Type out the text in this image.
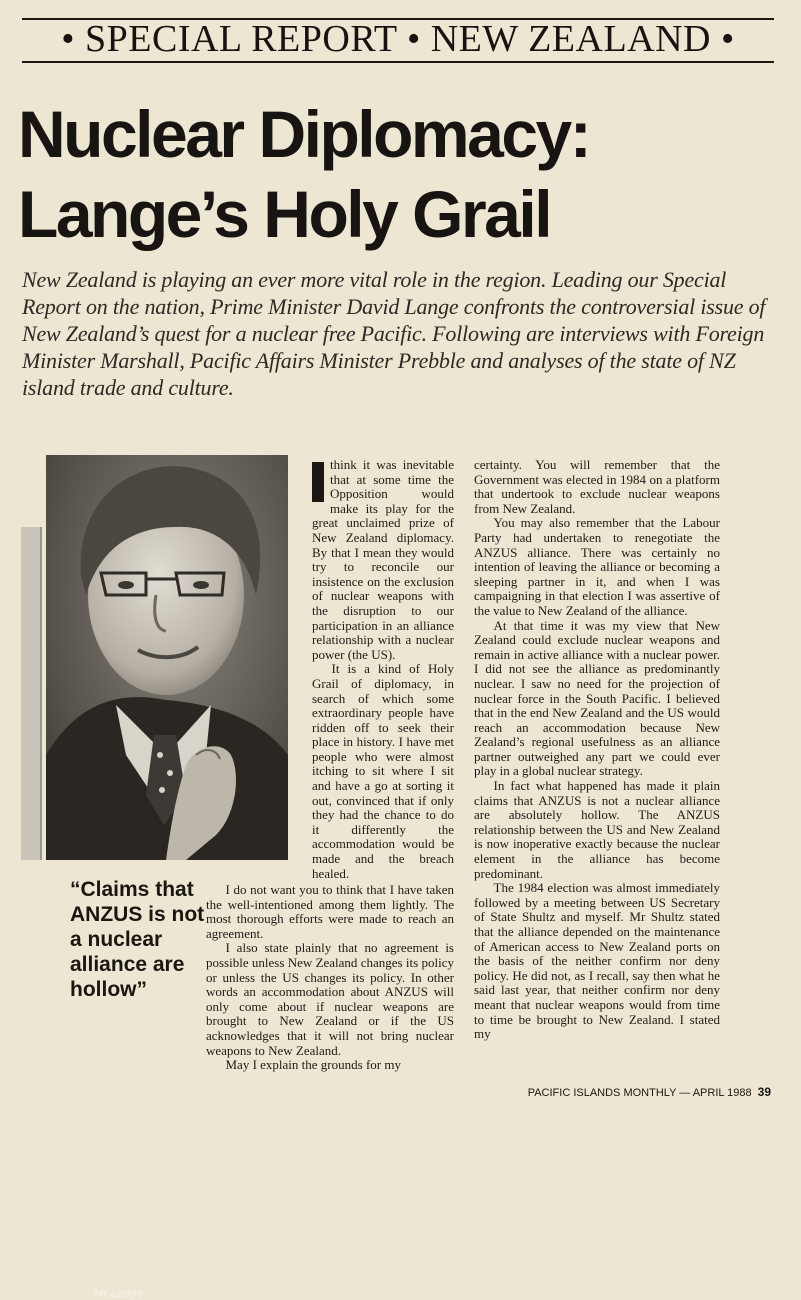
• SPECIAL REPORT • NEW ZEALAND •
Nuclear Diplomacy:
Lange’s Holy Grail

New Zealand is playing an ever more vital role in the region. Leading our Special Report on the nation, Prime Minister David Lange confronts the controversial issue of New Zealand’s quest for a nuclear free Pacific. Following are interviews with Foreign Minister Marshall, Pacific Affairs Minister Prebble and analyses of the state of NZ island trade and culture.

Mr Lange

“Claims that ANZUS is not a nuclear alliance are hollow”

think it was inevitable that at some time the Opposition would make its play for the great unclaimed prize of New Zealand diplomacy. By that I mean they would try to reconcile our insistence on the exclusion of nuclear weapons with the disruption to our participation in an alliance relationship with a nuclear power (the US).

It is a kind of Holy Grail of diplomacy, in search of which some extraordinary people have ridden off to seek their place in history. I have met people who were almost itching to sit where I sit and have a go at sorting it out, convinced that if only they had the chance to do it differently the accommodation would be made and the breach healed.

I do not want you to think that I have taken the well-intentioned among them lightly. The most thorough efforts were made to reach an agreement.

I also state plainly that no agreement is possible unless New Zealand changes its policy or unless the US changes its policy. In other words an accommodation about ANZUS will only come about if nuclear weapons are brought to New Zealand or if the US acknowledges that it will not bring nuclear weapons to New Zealand.

May I explain the grounds for my

certainty. You will remember that the Government was elected in 1984 on a platform that undertook to exclude nuclear weapons from New Zealand.

You may also remember that the Labour Party had undertaken to renegotiate the ANZUS alliance. There was certainly no intention of leaving the alliance or becoming a sleeping partner in it, and when I was campaigning in that election I was assertive of the value to New Zealand of the alliance.

At that time it was my view that New Zealand could exclude nuclear weapons and remain in active alliance with a nuclear power. I did not see the alliance as predominantly nuclear. I saw no need for the projection of nuclear force in the South Pacific. I believed that in the end New Zealand and the US would reach an accommodation because New Zealand’s regional usefulness as an alliance partner outweighed any part we could ever play in a global nuclear strategy.

In fact what happened has made it plain claims that ANZUS is not a nuclear alliance are absolutely hollow. The ANZUS relationship between the US and New Zealand is now inoperative exactly because the nuclear element in the alliance has become predominant.

The 1984 election was almost immediately followed by a meeting between US Secretary of State Shultz and myself. Mr Shultz stated that the alliance depended on the maintenance of American access to New Zealand ports on the basis of the neither confirm nor deny policy. He did not, as I recall, say then what he said last year, that neither confirm nor deny meant that nuclear weapons would from time to time be brought to New Zealand. I stated my

PACIFIC ISLANDS MONTHLY — APRIL 1988 39
